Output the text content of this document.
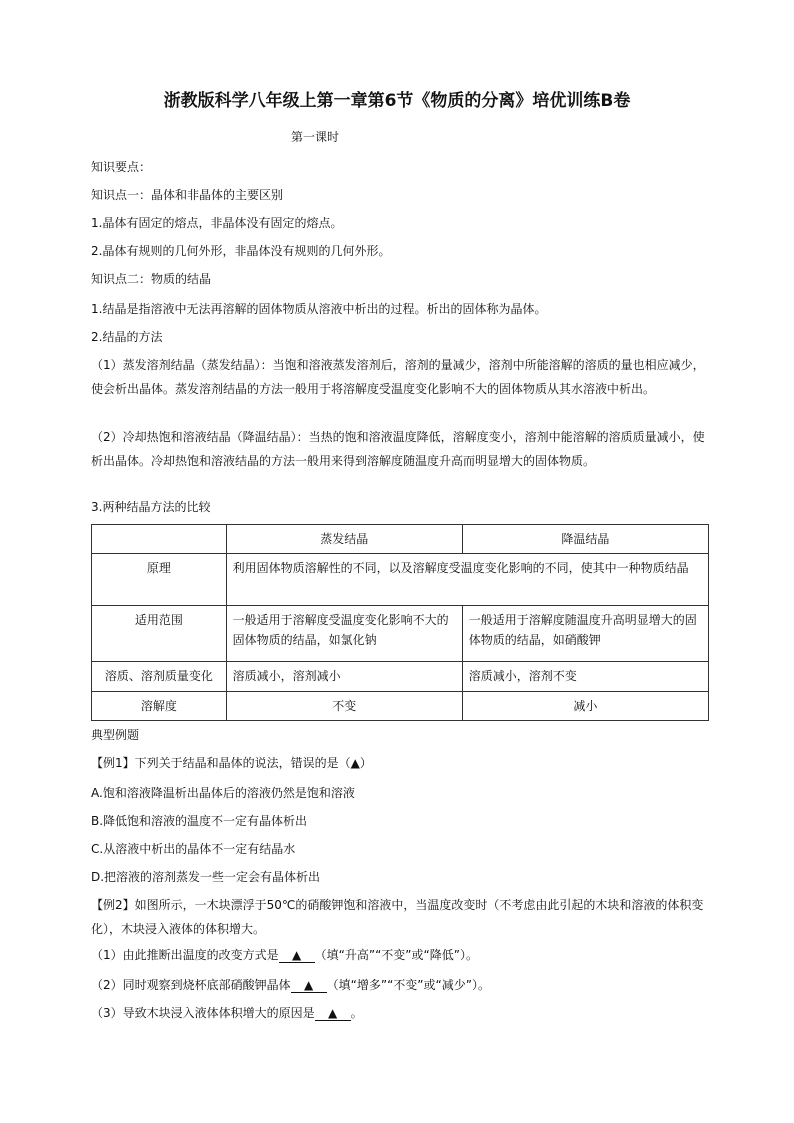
浙教版科学八年级上第一章第6节《物质的分离》培优训练B卷
第一课时
知识要点：
知识点一：晶体和非晶体的主要区别
1.晶体有固定的熔点，非晶体没有固定的熔点。
2.晶体有规则的几何外形，非晶体没有规则的几何外形。
知识点二：物质的结晶
1.结晶是指溶液中无法再溶解的固体物质从溶液中析出的过程。析出的固体称为晶体。
2.结晶的方法
（1）蒸发溶剂结晶（蒸发结晶）：当饱和溶液蒸发溶剂后，溶剂的量减少，溶剂中所能溶解的溶质的量也相应减少，使会析出晶体。蒸发溶剂结晶的方法一般用于将溶解度受温度变化影响不大的固体物质从其水溶液中析出。
（2）冷却热饱和溶液结晶（降温结晶）：当热的饱和溶液温度降低，溶解度变小，溶剂中能溶解的溶质质量减小，使析出晶体。冷却热饱和溶液结晶的方法一般用来得到溶解度随温度升高而明显增大的固体物质。
3.两种结晶方法的比较
	蒸发结晶	降温结晶
原理	利用固体物质溶解性的不同，以及溶解度受温度变化影响的不同，使其中一种物质结晶	
适用范围	一般适用于溶解度受温度变化影响不大的固体物质的结晶，如氯化钠	一般适用于溶解度随温度升高明显增大的固体物质的结晶，如硝酸钾
溶质、溶剂质量变化	溶质减小，溶剂减小	溶质减小，溶剂不变
溶解度	不变	减小
典型例题
【例1】下列关于结晶和晶体的说法，错误的是（▲）
A.饱和溶液降温析出晶体后的溶液仍然是饱和溶液
B.降低饱和溶液的温度不一定有晶体析出
C.从溶液中析出的晶体不一定有结晶水
D.把溶液的溶剂蒸发一些一定会有晶体析出
【例2】如图所示，一木块漂浮于50℃的硝酸钾饱和溶液中，当温度改变时（不考虑由此引起的木块和溶液的体积变化），木块浸入液体的体积增大。
（1）由此推断出温度的改变方式是 ▲ （填“升高”“不变”或“降低”）。
（2）同时观察到烧杯底部硝酸钾晶体 ▲ （填“增多”“不变”或“减少”）。
（3）导致木块浸入液体体积增大的原因是 ▲ 。
